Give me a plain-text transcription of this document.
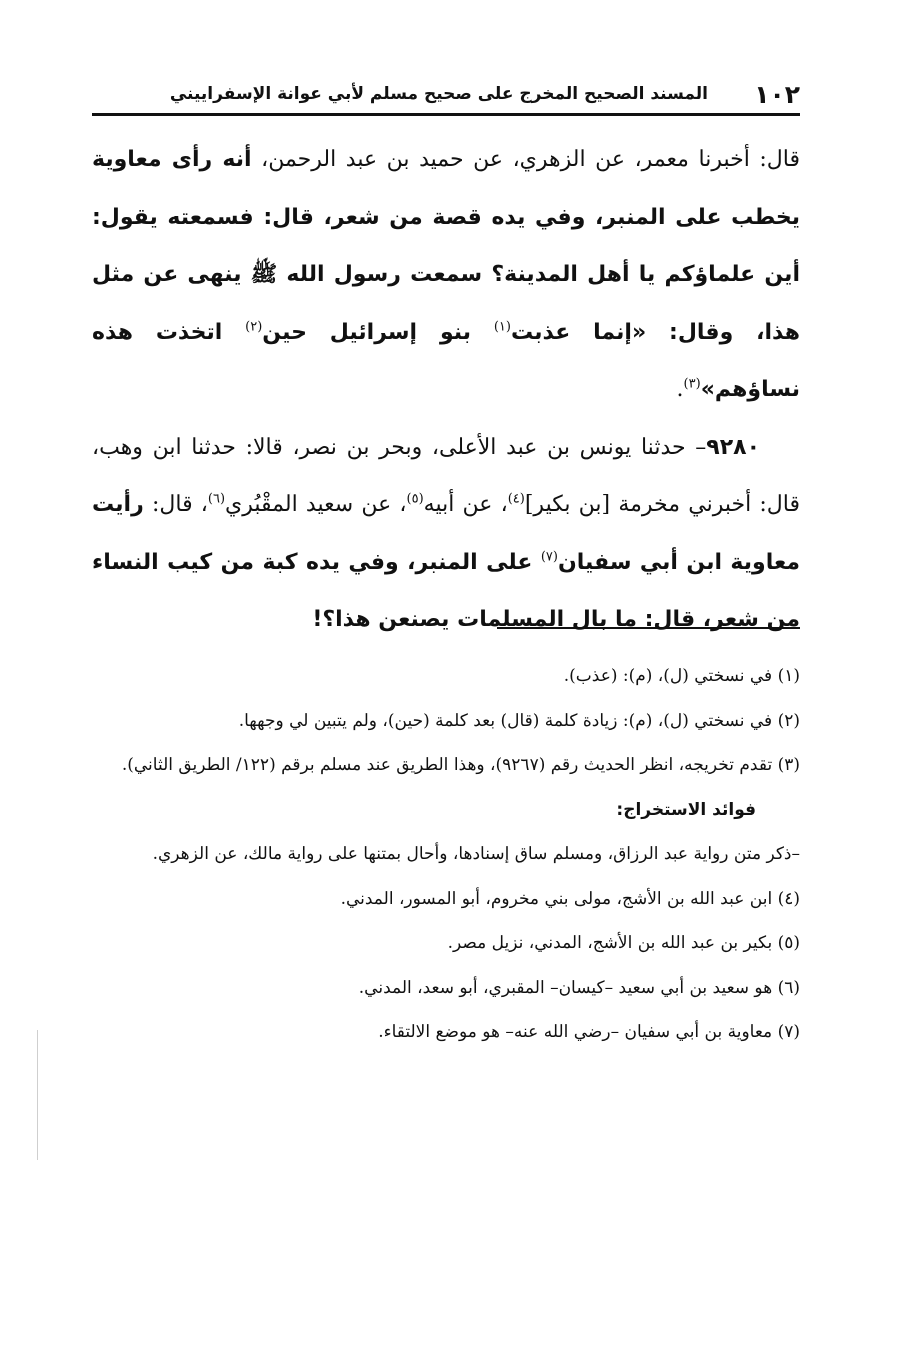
١٠٢
المسند الصحيح المخرج على صحيح مسلم لأبي عوانة الإسفراييني

قال: أخبرنا معمر، عن الزهري، عن حميد بن عبد الرحمن، أنه رأى معاوية يخطب على المنبر، وفي يده قصة من شعر، قال: فسمعته يقول: أين علماؤكم يا أهل المدينة؟ سمعت رسول الله ﷺ ينهى عن مثل هذا، وقال: «إنما عذبت$^{(١)}$ بنو إسرائيل حين$^{(٢)}$ اتخذت هذه نساؤهم»$^{(٣)}$.

٩٢٨٠– حدثنا يونس بن عبد الأعلى، وبحر بن نصر، قالا: حدثنا ابن وهب، قال: أخبرني مخرمة [بن بكير]$^{(٤)}$، عن أبيه$^{(٥)}$، عن سعيد المقْبُري$^{(٦)}$، قال: رأيت معاوية ابن أبي سفيان$^{(٧)}$ على المنبر، وفي يده كبة من كيب النساء من شعر، قال: ما بال المسلمات يصنعن هذا؟!

(١) في نسختي (ل)، (م): (عذب).

(٢) في نسختي (ل)، (م): زيادة كلمة (قال) بعد كلمة (حين)، ولم يتبين لي وجهها.

(٣) تقدم تخريجه، انظر الحديث رقم (٩٢٦٧)، وهذا الطريق عند مسلم برقم (١٢٢/ الطريق الثاني).

فوائد الاستخراج:

–ذكر متن رواية عبد الرزاق، ومسلم ساق إسنادها، وأحال بمتنها على رواية مالك، عن الزهري.

(٤) ابن عبد الله بن الأشج، مولى بني مخروم، أبو المسور، المدني.

(٥) بكير بن عبد الله بن الأشج، المدني، نزيل مصر.

(٦) هو سعيد بن أبي سعيد –كيسان– المقبري، أبو سعد، المدني.

(٧) معاوية بن أبي سفيان –رضي الله عنه– هو موضع الالتقاء.
